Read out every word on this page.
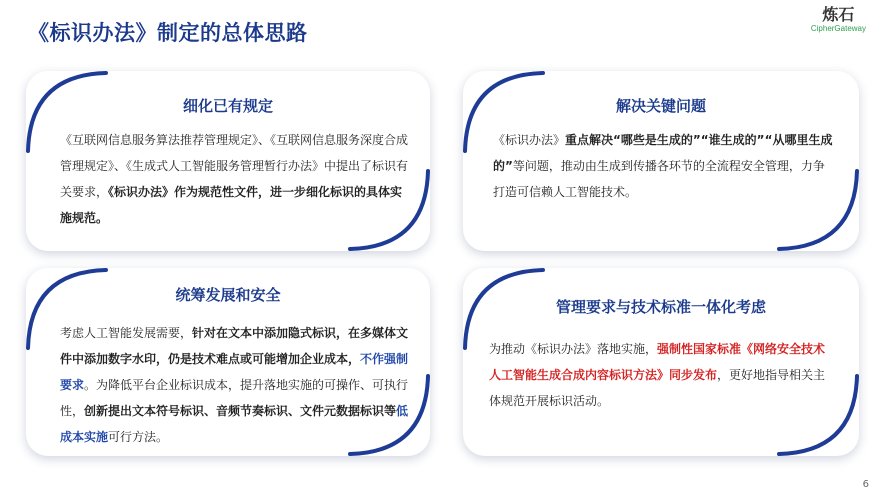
《标识办法》制定的总体思路
炼石
CipherGateway
细化已有规定
《互联网信息服务算法推荐管理规定》、《互联网信息服务深度合成管理规定》、《生成式人工智能服务管理暂行办法》中提出了标识有关要求，《标识办法》作为规范性文件，进一步细化标识的具体实施规范。
解决关键问题
《标识办法》重点解决“哪些是生成的”“谁生成的”“从哪里生成的”等问题，推动由生成到传播各环节的全流程安全管理，力争打造可信赖人工智能技术。
统筹发展和安全
考虑人工智能发展需要，针对在文本中添加隐式标识，在多媒体文件中添加数字水印，仍是技术难点或可能增加企业成本，不作强制要求。为降低平台企业标识成本，提升落地实施的可操作、可执行性，创新提出文本符号标识、音频节奏标识、文件元数据标识等低成本实施可行方法。
管理要求与技术标准一体化考虑
为推动《标识办法》落地实施，强制性国家标准《网络安全技术 人工智能生成合成内容标识方法》同步发布，更好地指导相关主体规范开展标识活动。
6
